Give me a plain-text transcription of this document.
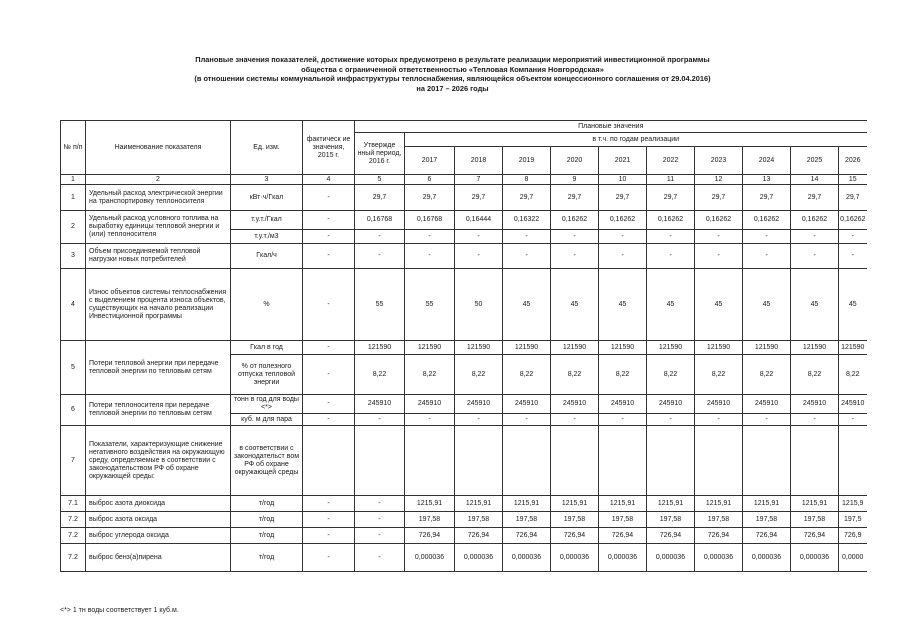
Плановые значения показателей, достижение которых предусмотрено в результате реализации мероприятий инвестиционной программы
общества с ограниченной ответственностью «Тепловая Компания Новгородская»
(в отношении системы коммунальной инфраструктуры теплоснабжения, являющейся объектом концессионного соглашения от 29.04.2016)
на 2017 – 2026 годы
№ п/п	Наименование показателя	Ед. изм.	фактическ ие значения, 2015 г.	Плановые значения										
				Утвержде нный период, 2016 г.	в т.ч. по годам реализации									
					2017	2018	2019	2020	2021	2022	2023	2024	2025	2026
1	2	3	4	5	6	7	8	9	10	11	12	13	14	15
1	Удельный расход электрической энергии на транспортировку теплоносителя	кВт·ч/Гкал	-	29,7	29,7	29,7	29,7	29,7	29,7	29,7	29,7	29,7	29,7	29,7
2	Удельный расход условного топлива на выработку единицы тепловой энергии и (или) теплоносителя	т.у.т./Гкал	-	0,16768	0,16768	0,16444	0,16322	0,16262	0,16262	0,16262	0,16262	0,16262	0,16262	0,16262
		т.у.т./м3	-	-	-	-	-	-	-	-	-	-	-	-
3	Объем присоединяемой тепловой нагрузки новых потребителей	Гкал/ч	-	-	-	-	-	-	-	-	-	-	-	-
4	Износ объектов системы теплоснабжения с выделением процента износа объектов, существующих на начало реализации Инвестиционной программы	%	-	55	55	50	45	45	45	45	45	45	45	45
5	Потери тепловой энергии при передаче тепловой энергии по тепловым сетям	Гкал в год	-	121590	121590	121590	121590	121590	121590	121590	121590	121590	121590	121590
		% от полезного отпуска тепловой энергии	-	8,22	8,22	8,22	8,22	8,22	8,22	8,22	8,22	8,22	8,22	8,22
6	Потери теплоносителя при передаче тепловой энергии по тепловым сетям	тонн в год для воды <*>	-	245910	245910	245910	245910	245910	245910	245910	245910	245910	245910	245910
		куб. м для пара	-	-	-	-	-	-	-	-	-	-	-	-
7	Показатели, характеризующие снижение негативного воздействия на окружающую среду, определяемые в соответствии с законодательством РФ об охране окружающей среды:	в соответствии с законодательст вом РФ об охране окружающей среды												
7.1	выброс азота диоксида	т/год	-	-	1215,91	1215,91	1215,91	1215,91	1215,91	1215,91	1215,91	1215,91	1215,91	1215,9
7.2	выброс азота оксида	т/год	-	-	197,58	197,58	197,58	197,58	197,58	197,58	197,58	197,58	197,58	197,5
7.2	выброс углерода оксида	т/год	-	-	726,94	726,94	726,94	726,94	726,94	726,94	726,94	726,94	726,94	726,9
7.2	выброс бенз(а)пирена	т/год	-	-	0,000036	0,000036	0,000036	0,000036	0,000036	0,000036	0,000036	0,000036	0,000036	0,0000
<*> 1 тн воды соответствует 1 куб.м.
